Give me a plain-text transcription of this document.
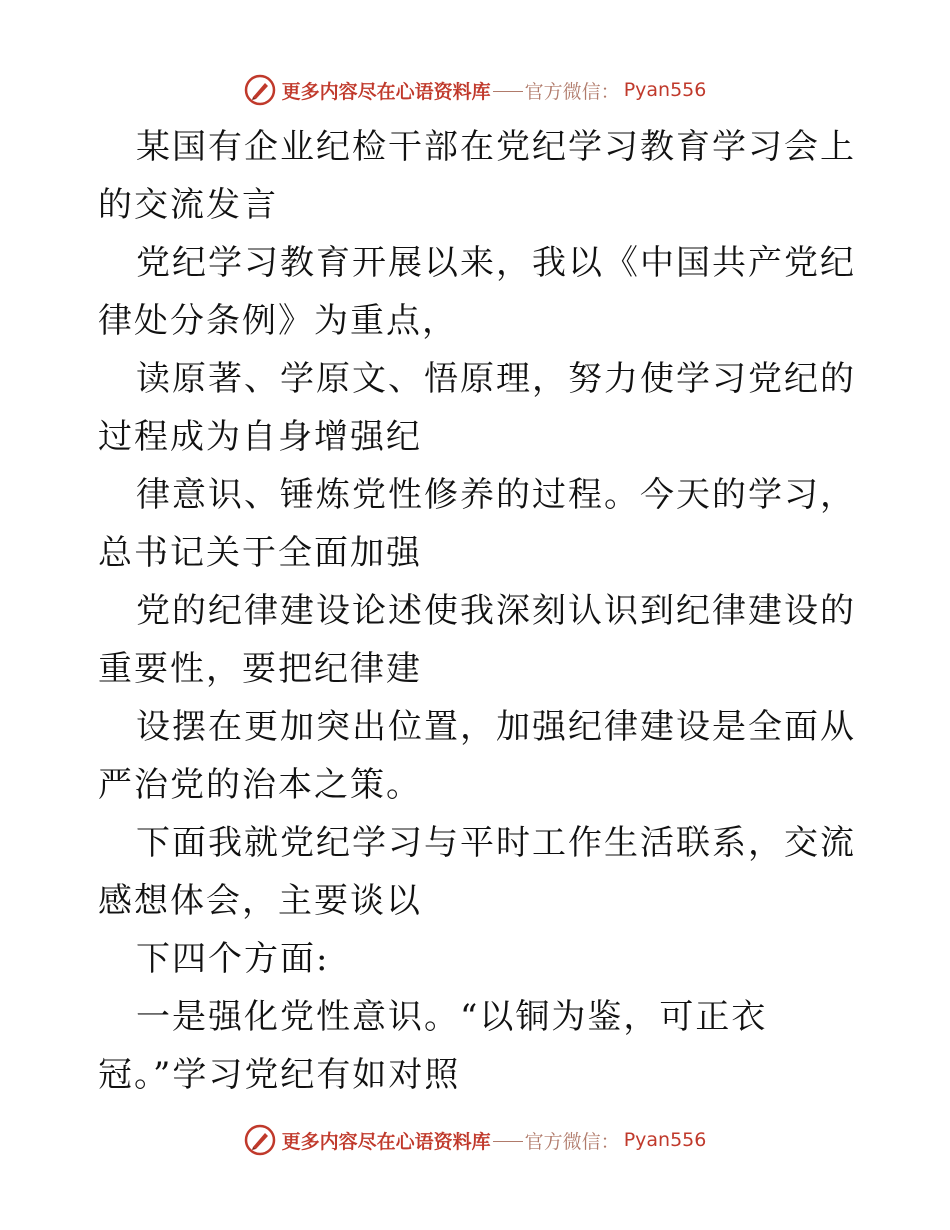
更多内容尽在心语资料库 官方微信： Pyan556

某国有企业纪检干部在党纪学习教育学习会上的交流发言

党纪学习教育开展以来，我以《中国共产党纪律处分条例》为重点，

读原著、学原文、悟原理，努力使学习党纪的过程成为自身增强纪

律意识、锤炼党性修养的过程。今天的学习，总书记关于全面加强

党的纪律建设论述使我深刻认识到纪律建设的重要性，要把纪律建

设摆在更加突出位置，加强纪律建设是全面从严治党的治本之策。

下面我就党纪学习与平时工作生活联系，交流感想体会，主要谈以

下四个方面:

一是强化党性意识。“以铜为鉴，可正衣冠。”学习党纪有如对照

更多内容尽在心语资料库 官方微信： Pyan556
